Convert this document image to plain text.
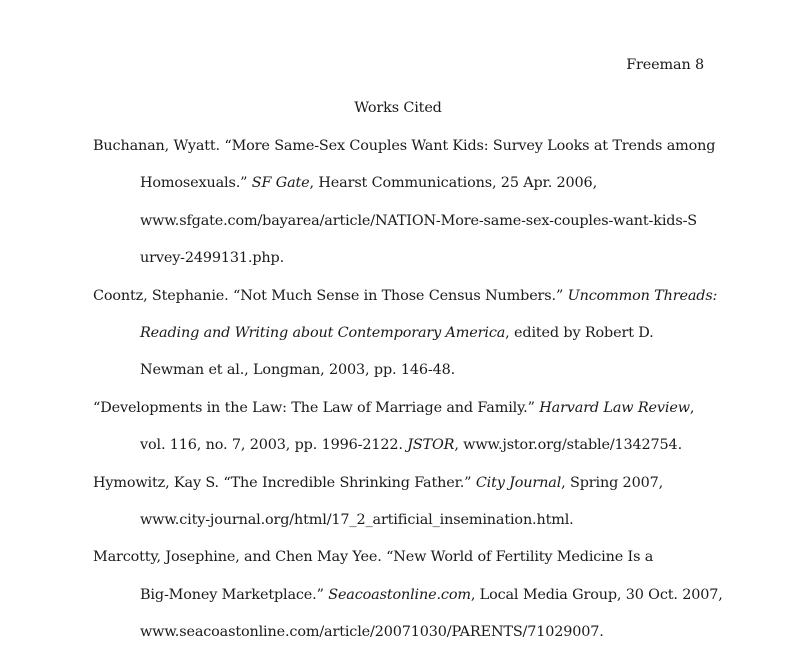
Freeman 8
Works Cited
Buchanan, Wyatt. “More Same-Sex Couples Want Kids: Survey Looks at Trends among
Homosexuals.” SF Gate, Hearst Communications, 25 Apr. 2006,
www.sfgate.com/bayarea/article/NATION-More-same-sex-couples-want-kids-S
urvey-2499131.php.
Coontz, Stephanie. “Not Much Sense in Those Census Numbers.” Uncommon Threads:
Reading and Writing about Contemporary America, edited by Robert D.
Newman et al., Longman, 2003, pp. 146-48.
“Developments in the Law: The Law of Marriage and Family.” Harvard Law Review,
vol. 116, no. 7, 2003, pp. 1996-2122. JSTOR, www.jstor.org/stable/1342754.
Hymowitz, Kay S. “The Incredible Shrinking Father.” City Journal, Spring 2007,
www.city-journal.org/html/17_2_artificial_insemination.html.
Marcotty, Josephine, and Chen May Yee. “New World of Fertility Medicine Is a
Big-Money Marketplace.” Seacoastonline.com, Local Media Group, 30 Oct. 2007,
www.seacoastonline.com/article/20071030/PARENTS/71029007.
